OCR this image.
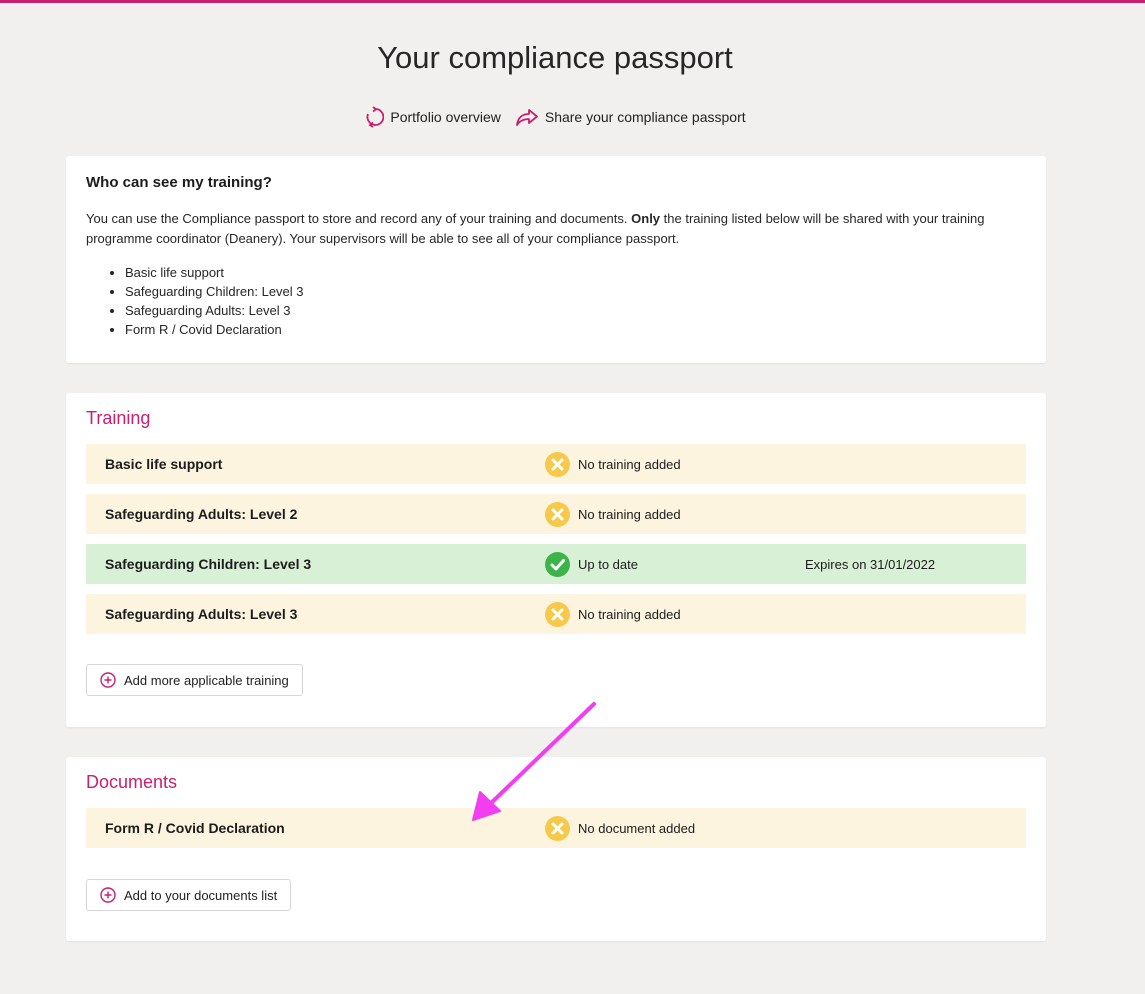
Your compliance passport
Portfolio overview	Share your compliance passport

Who can see my training?

You can use the Compliance passport to store and record any of your training and documents. Only the training listed below will be shared with your training programme coordinator (Deanery). Your supervisors will be able to see all of your compliance passport.

• Basic life support
• Safeguarding Children: Level 3
• Safeguarding Adults: Level 3
• Form R / Covid Declaration
Training
Basic life support	No training added
Safeguarding Adults: Level 2	No training added
Safeguarding Children: Level 3	Up to date	Expires on 31/01/2022
Safeguarding Adults: Level 3	No training added
Add more applicable training
Documents
Form R / Covid Declaration	No document added
Add to your documents list
